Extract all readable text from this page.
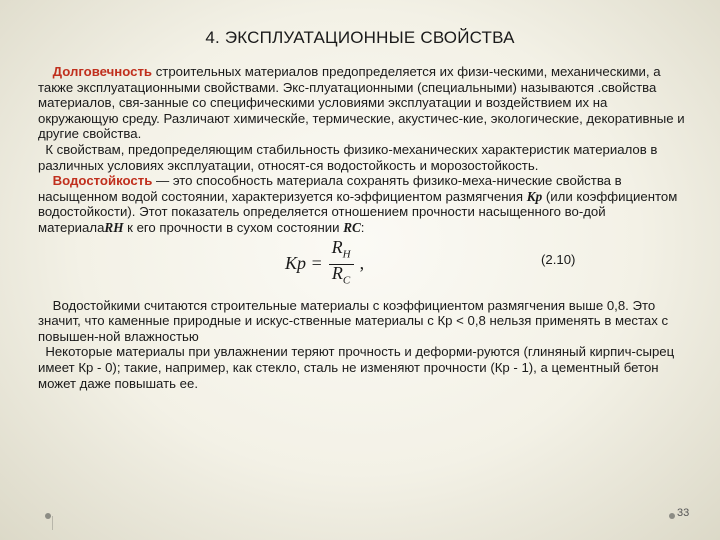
4. ЭКСПЛУАТАЦИОННЫЕ СВОЙСТВА

Долговечность строительных материалов предопределяется их физи-ческими, механическими, а также эксплуатационными свойствами. Экс-плуатационными (специальными) называются .свойства материалов, свя-занные со специфическими условиями эксплуатации и воздействием их на окружающую среду. Различают химическйе, термические, акустичес-кие, экологические, декоративные и другие свойства.

К свойствам, предопределяющим стабильность физико-механических характеристик материалов в различных условиях эксплуатации, относят-ся водостойкость и морозостойкость.

Водостойкость — это способность материала сохранять физико-меха-нические свойства в насыщенном водой состоянии, характеризуется ко-эффициентом размягчения Кр (или коэффициентом водостойкости). Этот показатель определяется отношением прочности насыщенного во-дой материалаRН к его прочности в сухом состоянии RC:

Кр = $\frac{R_Н}{R_С}$ ,	(2.10)

Водостойкими считаются строительные материалы с коэффициентом размягчения выше 0,8. Это значит, что каменные природные и искус-ственные материалы с Кр < 0,8 нельзя применять в местах с повышен-ной влажностью

Некоторые материалы при увлажнении теряют прочность и деформи-руются (глиняный кирпич-сырец имеет Кр - 0); такие, например, как стекло, сталь не изменяют прочности (Кр - 1), а цементный бетон может даже повышать ее.

33
